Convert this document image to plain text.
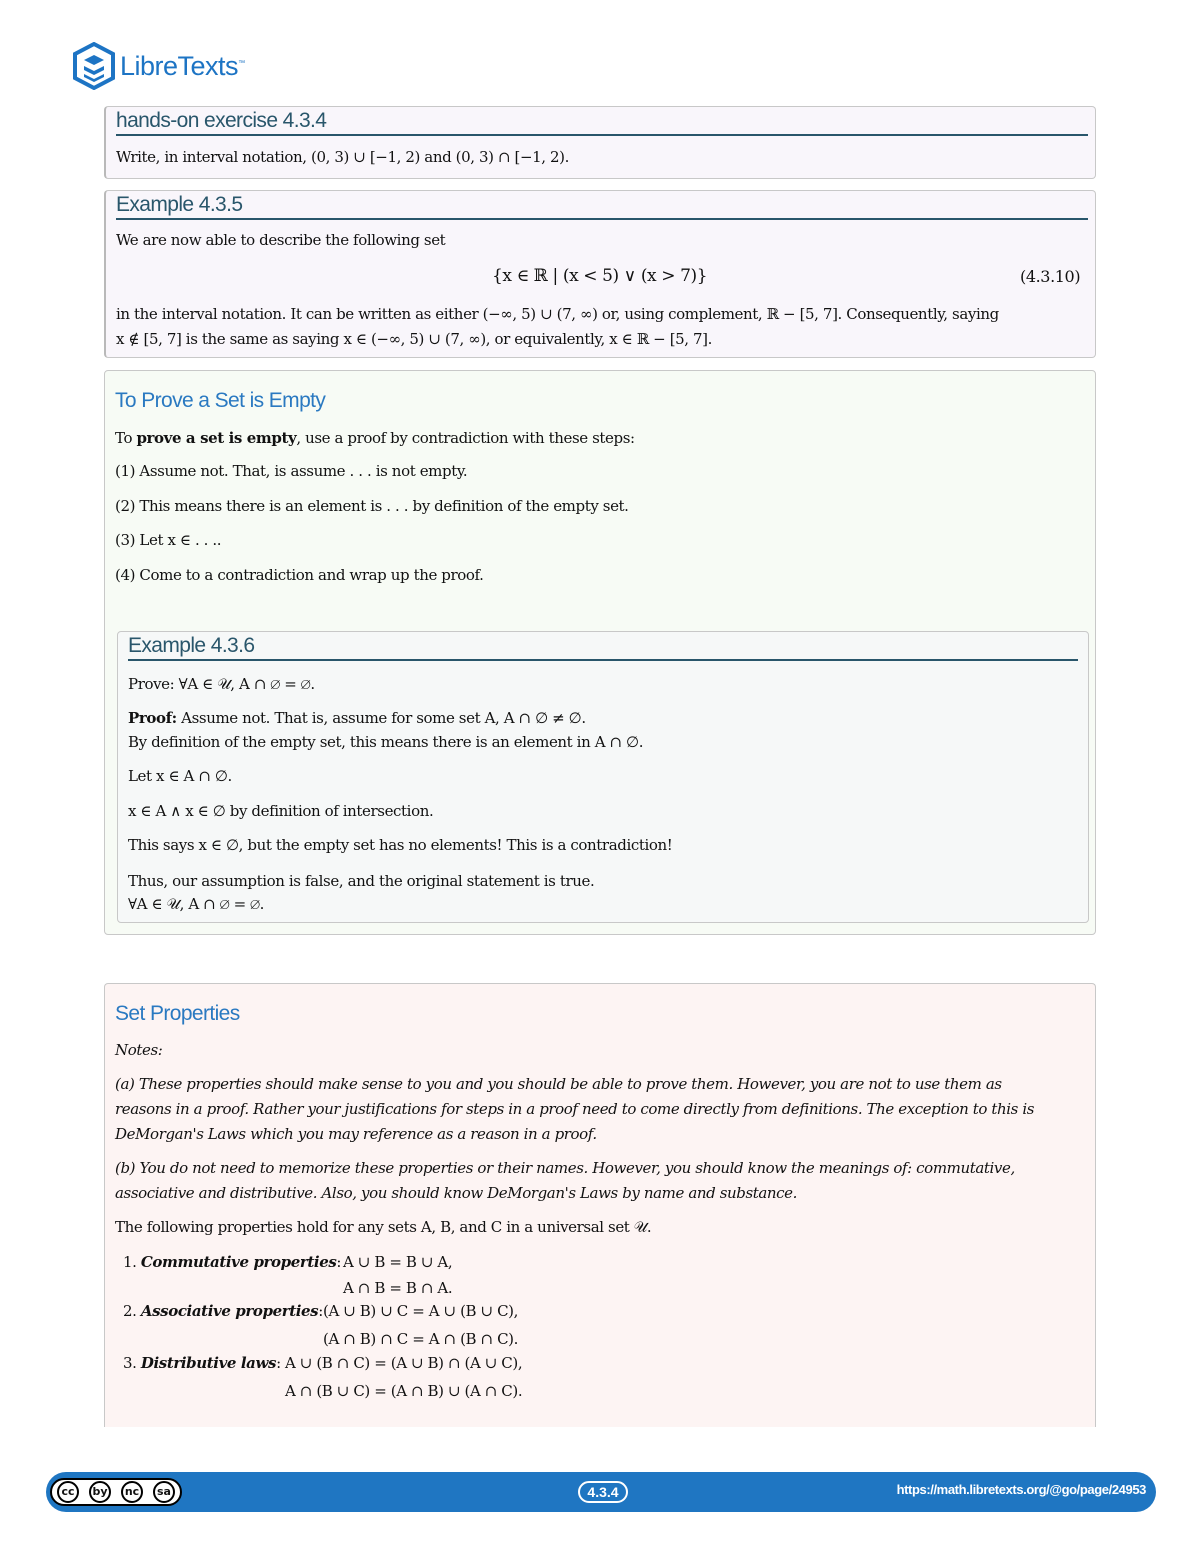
LibreTexts™
hands-on exercise 4.3.4
Write, in interval notation, (0, 3) ∪ [−1, 2) and (0, 3) ∩ [−1, 2).
Example 4.3.5
We are now able to describe the following set
{x ∈ ℝ | (x < 5) ∨ (x > 7)}	(4.3.10)
in the interval notation. It can be written as either (−∞, 5) ∪ (7, ∞) or, using complement, ℝ − [5, 7]. Consequently, saying
x ∉ [5, 7] is the same as saying x ∈ (−∞, 5) ∪ (7, ∞), or equivalently, x ∈ ℝ − [5, 7].
To Prove a Set is Empty
To prove a set is empty, use a proof by contradiction with these steps:
(1) Assume not. That, is assume . . . is not empty.
(2) This means there is an element is . . . by definition of the empty set.
(3) Let x ∈ . . ..
(4) Come to a contradiction and wrap up the proof.
Example 4.3.6
Prove: ∀A ∈ 𝒰, A ∩ ∅ = ∅.
Proof: Assume not. That is, assume for some set A, A ∩ ∅ ≠ ∅.
By definition of the empty set, this means there is an element in A ∩ ∅.
Let x ∈ A ∩ ∅.
x ∈ A ∧ x ∈ ∅ by definition of intersection.
This says x ∈ ∅, but the empty set has no elements! This is a contradiction!
Thus, our assumption is false, and the original statement is true.
∀A ∈ 𝒰, A ∩ ∅ = ∅.
Set Properties
Notes:
(a) These properties should make sense to you and you should be able to prove them. However, you are not to use them as
reasons in a proof. Rather your justifications for steps in a proof need to come directly from definitions. The exception to this is
DeMorgan's Laws which you may reference as a reason in a proof.
(b) You do not need to memorize these properties or their names. However, you should know the meanings of: commutative,
associative and distributive. Also, you should know DeMorgan's Laws by name and substance.
The following properties hold for any sets A, B, and C in a universal set 𝒰.
1. Commutative properties: A ∪ B = B ∪ A,
A ∩ B = B ∩ A.
2. Associative properties: (A ∪ B) ∪ C = A ∪ (B ∪ C),
(A ∩ B) ∩ C = A ∩ (B ∩ C).
3. Distributive laws: A ∪ (B ∩ C) = (A ∪ B) ∩ (A ∪ C),
A ∩ (B ∪ C) = (A ∩ B) ∪ (A ∩ C).
cc	by	nc	sa	4.3.4	https://math.libretexts.org/@go/page/24953
